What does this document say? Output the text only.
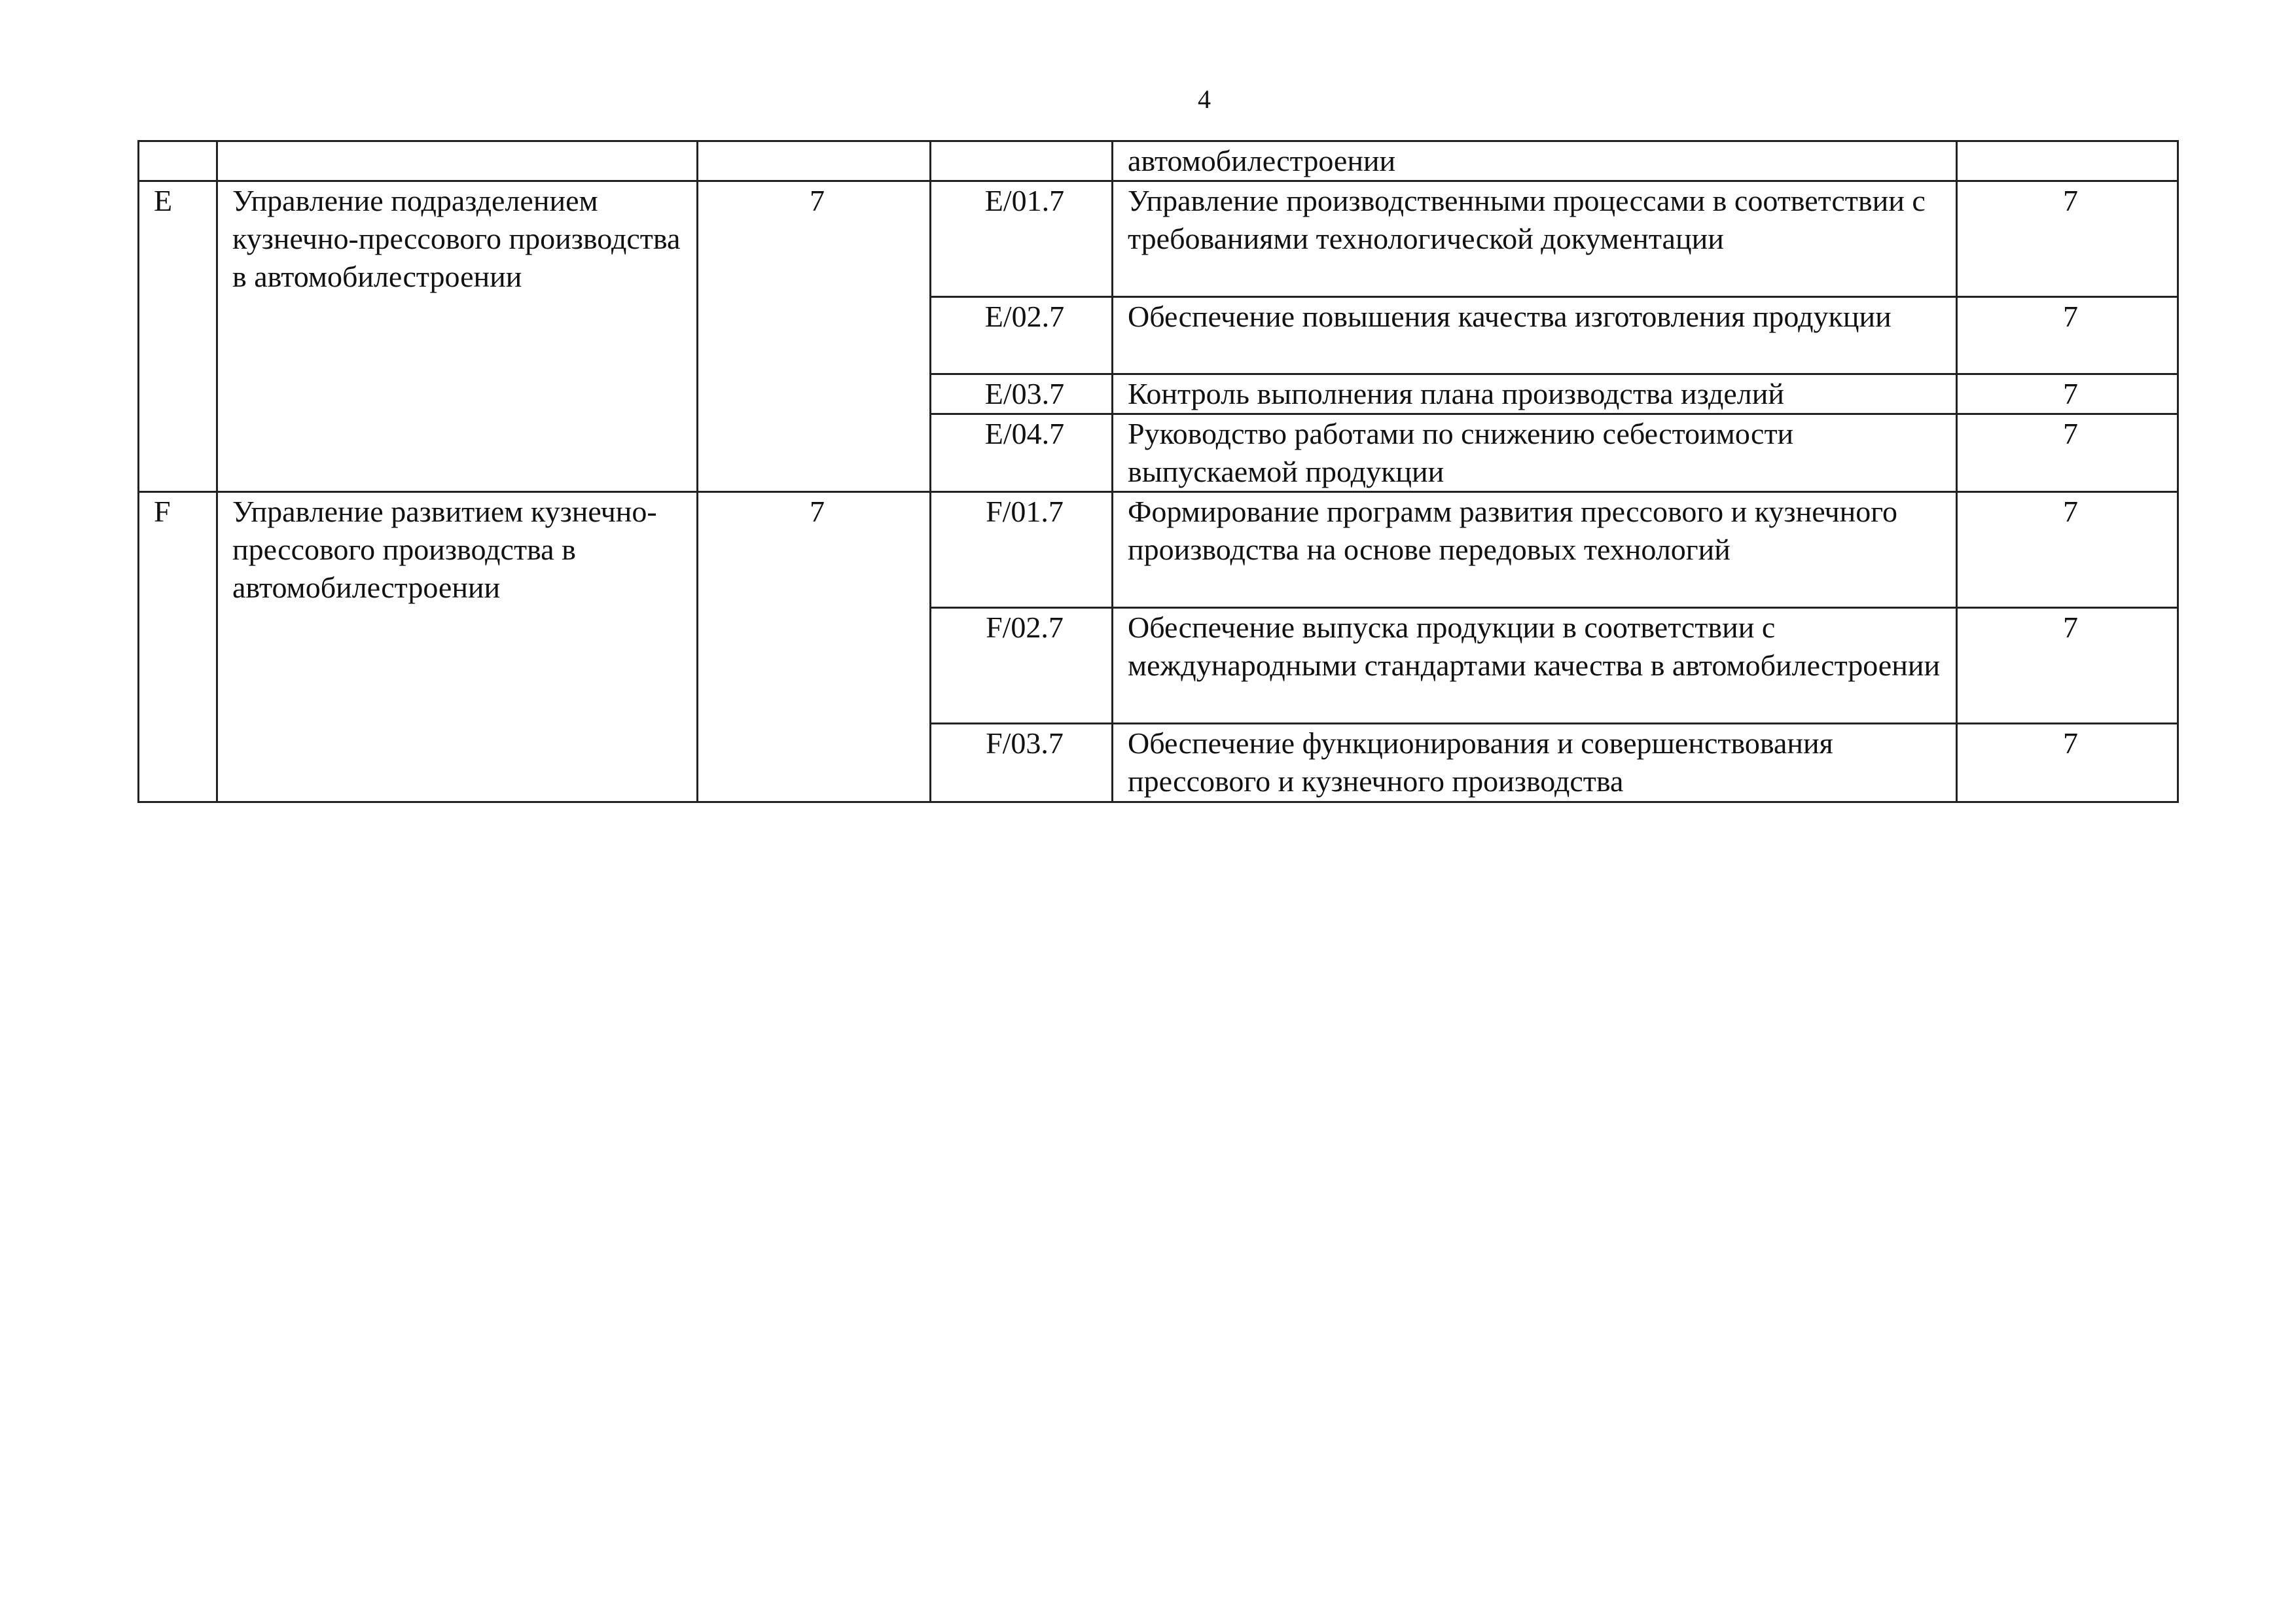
4
				автомобилестроении	
E	Управление подразделением кузнечно-прессового производства в автомобилестроении	7	E/01.7	Управление производственными процессами в соответствии с требованиями технологической документации	7
			E/02.7	Обеспечение повышения качества изготовления продукции	7
			E/03.7	Контроль выполнения плана производства изделий	7
			E/04.7	Руководство работами по снижению себестоимости выпускаемой продукции	7
F	Управление развитием кузнечно-прессового производства в автомобилестроении	7	F/01.7	Формирование программ развития прессового и кузнечного производства на основе передовых технологий	7
			F/02.7	Обеспечение выпуска продукции в соответствии с международными стандартами качества в автомобилестроении	7
			F/03.7	Обеспечение функционирования и совершенствования прессового и кузнечного производства	7
